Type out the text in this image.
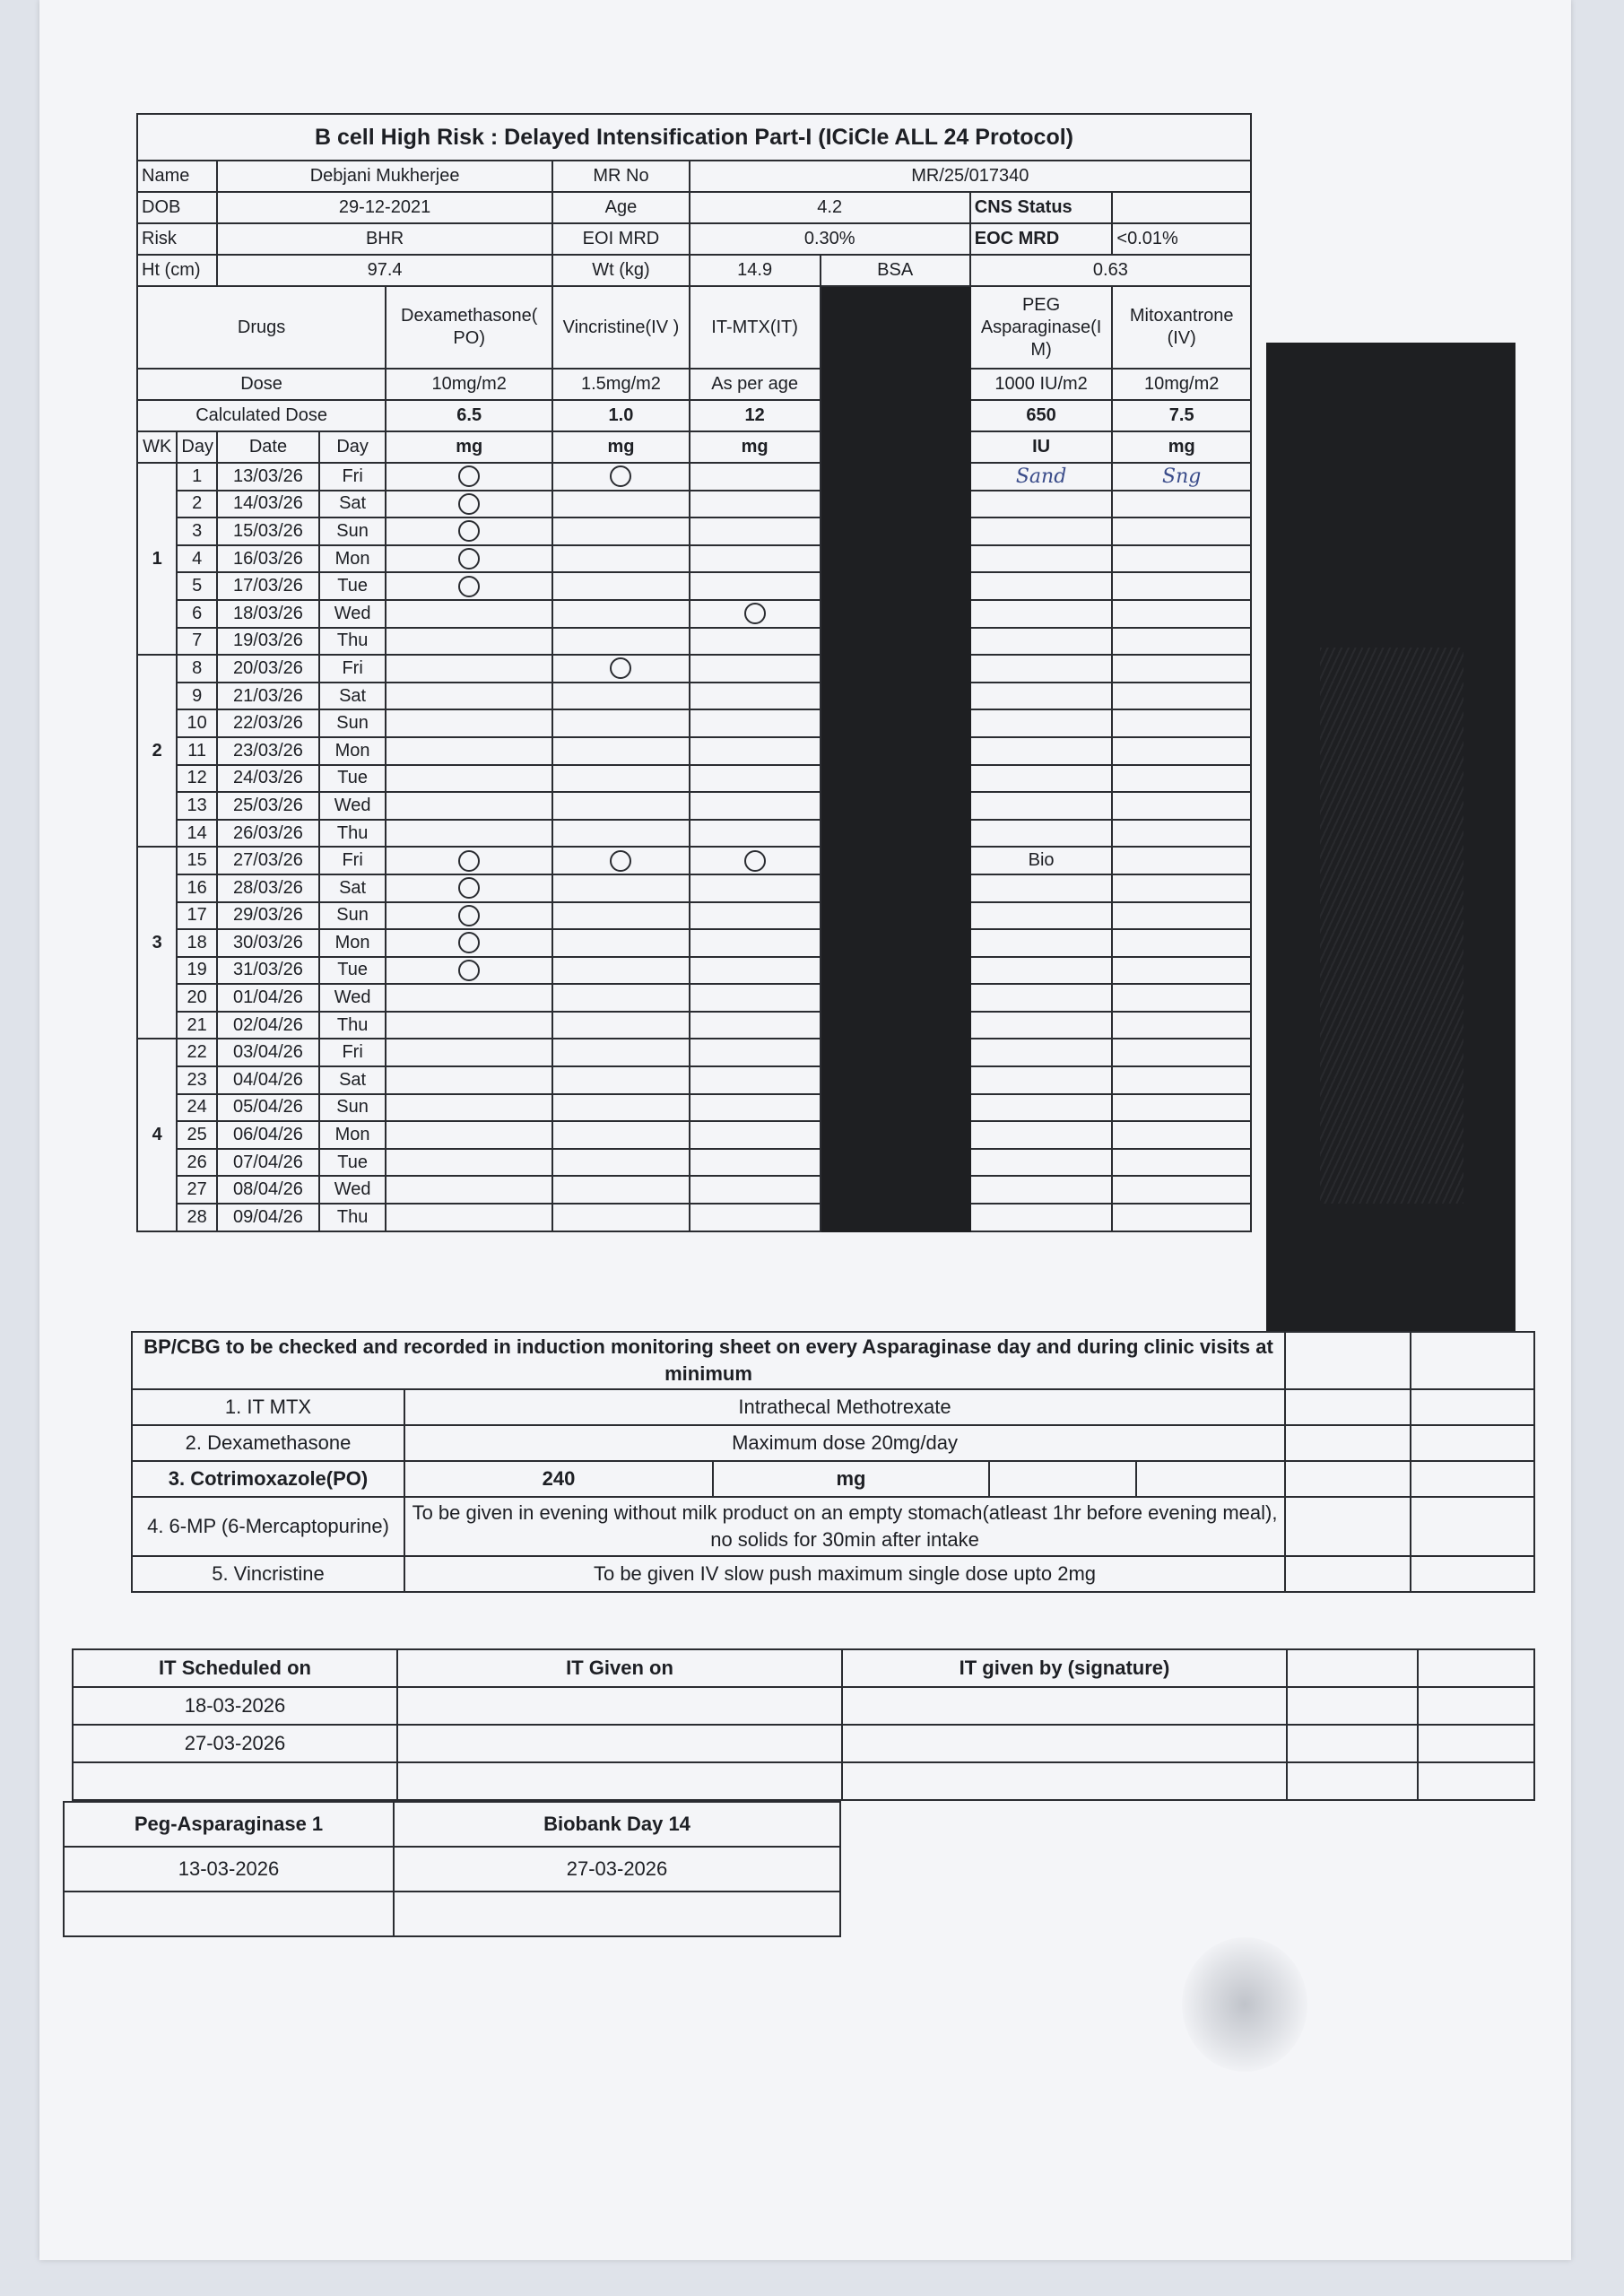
B cell High Risk : Delayed Intensification Part-I (ICiCle ALL 24 Protocol)									
Name		Debjani Mukherjee			MR No	MR/25/017340			
DOB		29-12-2021			Age	4.2		CNS Status	
Risk		BHR			EOI MRD	0.30%		EOC MRD	<0.01%
Ht (cm)		97.4			Wt (kg)	14.9	BSA	0.63	
Drugs				Dexamethasone( PO)	Vincristine(IV )	IT-MTX(IT)		PEG Asparaginase(I M)	Mitoxantrone (IV)
Dose				10mg/m2	1.5mg/m2	As per age		1000 IU/m2	10mg/m2
Calculated Dose				6.5	1.0	12		650	7.5
WK	Day	Date	Day	mg	mg	mg		IU	mg
1	1	13/03/26	Fri					Sand	Sng
	2	14/03/26	Sat						
	3	15/03/26	Sun						
	4	16/03/26	Mon						
	5	17/03/26	Tue						
	6	18/03/26	Wed						
	7	19/03/26	Thu						
2	8	20/03/26	Fri						
	9	21/03/26	Sat						
	10	22/03/26	Sun						
	11	23/03/26	Mon						
	12	24/03/26	Tue						
	13	25/03/26	Wed						
	14	26/03/26	Thu						
3	15	27/03/26	Fri					Bio	
	16	28/03/26	Sat						
	17	29/03/26	Sun						
	18	30/03/26	Mon						
	19	31/03/26	Tue						
	20	01/04/26	Wed						
	21	02/04/26	Thu						
4	22	03/04/26	Fri						
	23	04/04/26	Sat						
	24	05/04/26	Sun						
	25	06/04/26	Mon						
	26	07/04/26	Tue						
	27	08/04/26	Wed						
	28	09/04/26	Thu						
BP/CBG to be checked and recorded in induction monitoring sheet on every Asparaginase day and during clinic visits at minimum						
1. IT MTX	Intrathecal Methotrexate					
2. Dexamethasone	Maximum dose 20mg/day					
3. Cotrimoxazole(PO)	240	mg				
4. 6-MP (6-Mercaptopurine)	To be given in evening without milk product on an empty stomach(atleast 1hr before evening meal), no solids for 30min after intake					
5. Vincristine	To be given IV slow push maximum single dose upto 2mg					
IT Scheduled on	IT Given on	IT given by (signature)		
18-03-2026				
27-03-2026				

Peg-Asparaginase 1	Biobank Day 14
13-03-2026	27-03-2026
